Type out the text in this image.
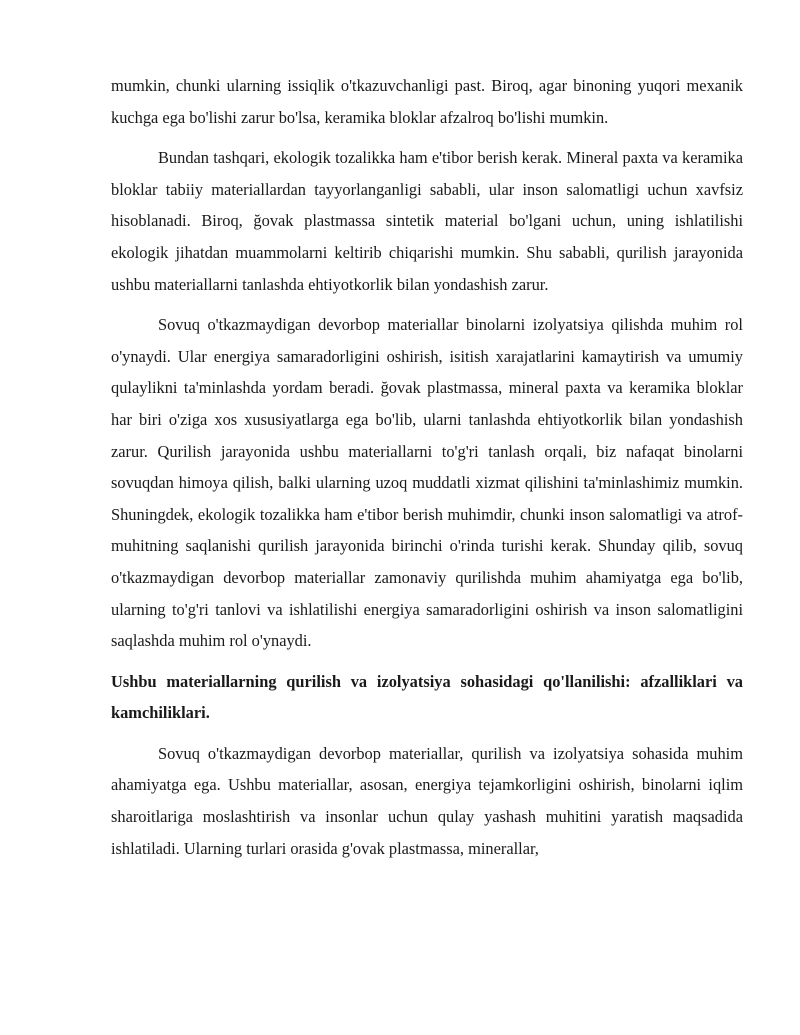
mumkin, chunki ularning issiqlik o'tkazuvchanligi past. Biroq, agar binoning yuqori mexanik kuchga ega bo'lishi zarur bo'lsa, keramika bloklar afzalroq bo'lishi mumkin.

Bundan tashqari, ekologik tozalikka ham e'tibor berish kerak. Mineral paxta va keramika bloklar tabiiy materiallardan tayyorlanganligi sababli, ular inson salomatligi uchun xavfsiz hisoblanadi. Biroq, ğovak plastmassa sintetik material bo'lgani uchun, uning ishlatilishi ekologik jihatdan muammolarni keltirib chiqarishi mumkin. Shu sababli, qurilish jarayonida ushbu materiallarni tanlashda ehtiyotkorlik bilan yondashish zarur.

Sovuq o'tkazmaydigan devorbop materiallar binolarni izolyatsiya qilishda muhim rol o'ynaydi. Ular energiya samaradorligini oshirish, isitish xarajatlarini kamaytirish va umumiy qulaylikni ta'minlashda yordam beradi. ğovak plastmassa, mineral paxta va keramika bloklar har biri o'ziga xos xususiyatlarga ega bo'lib, ularni tanlashda ehtiyotkorlik bilan yondashish zarur. Qurilish jarayonida ushbu materiallarni to'g'ri tanlash orqali, biz nafaqat binolarni sovuqdan himoya qilish, balki ularning uzoq muddatli xizmat qilishini ta'minlashimiz mumkin. Shuningdek, ekologik tozalikka ham e'tibor berish muhimdir, chunki inson salomatligi va atrof-muhitning saqlanishi qurilish jarayonida birinchi o'rinda turishi kerak. Shunday qilib, sovuq o'tkazmaydigan devorbop materiallar zamonaviy qurilishda muhim ahamiyatga ega bo'lib, ularning to'g'ri tanlovi va ishlatilishi energiya samaradorligini oshirish va inson salomatligini saqlashda muhim rol o'ynaydi.

Ushbu materiallarning qurilish va izolyatsiya sohasidagi qo'llanilishi: afzalliklari va kamchiliklari.

Sovuq o'tkazmaydigan devorbop materiallar, qurilish va izolyatsiya sohasida muhim ahamiyatga ega. Ushbu materiallar, asosan, energiya tejamkorligini oshirish, binolarni iqlim sharoitlariga moslashtirish va insonlar uchun qulay yashash muhitini yaratish maqsadida ishlatiladi. Ularning turlari orasida g'ovak plastmassa, minerallar,
